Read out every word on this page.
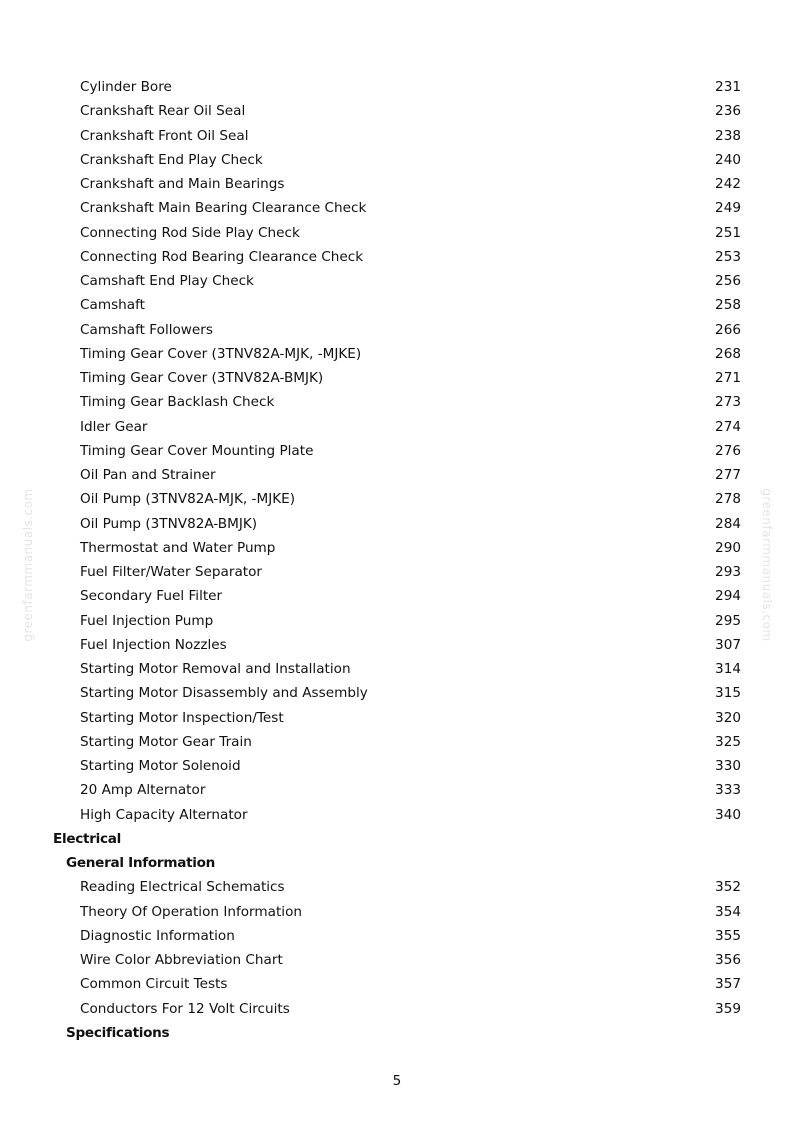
Cylinder Bore	231
Crankshaft Rear Oil Seal	236
Crankshaft Front Oil Seal	238
Crankshaft End Play Check	240
Crankshaft and Main Bearings	242
Crankshaft Main Bearing Clearance Check	249
Connecting Rod Side Play Check	251
Connecting Rod Bearing Clearance Check	253
Camshaft End Play Check	256
Camshaft	258
Camshaft Followers	266
Timing Gear Cover (3TNV82A-MJK, -MJKE)	268
Timing Gear Cover (3TNV82A-BMJK)	271
Timing Gear Backlash Check	273
Idler Gear	274
Timing Gear Cover Mounting Plate	276
Oil Pan and Strainer	277
Oil Pump (3TNV82A-MJK, -MJKE)	278
Oil Pump (3TNV82A-BMJK)	284
Thermostat and Water Pump	290
Fuel Filter/Water Separator	293
Secondary Fuel Filter	294
Fuel Injection Pump	295
Fuel Injection Nozzles	307
Starting Motor Removal and Installation	314
Starting Motor Disassembly and Assembly	315
Starting Motor Inspection/Test	320
Starting Motor Gear Train	325
Starting Motor Solenoid	330
20 Amp Alternator	333
High Capacity Alternator	340
Electrical
General Information
Reading Electrical Schematics	352
Theory Of Operation Information	354
Diagnostic Information	355
Wire Color Abbreviation Chart	356
Common Circuit Tests	357
Conductors For 12 Volt Circuits	359
Specifications
5
greenfarmmanuals.com	greenfarmmanuals.com
